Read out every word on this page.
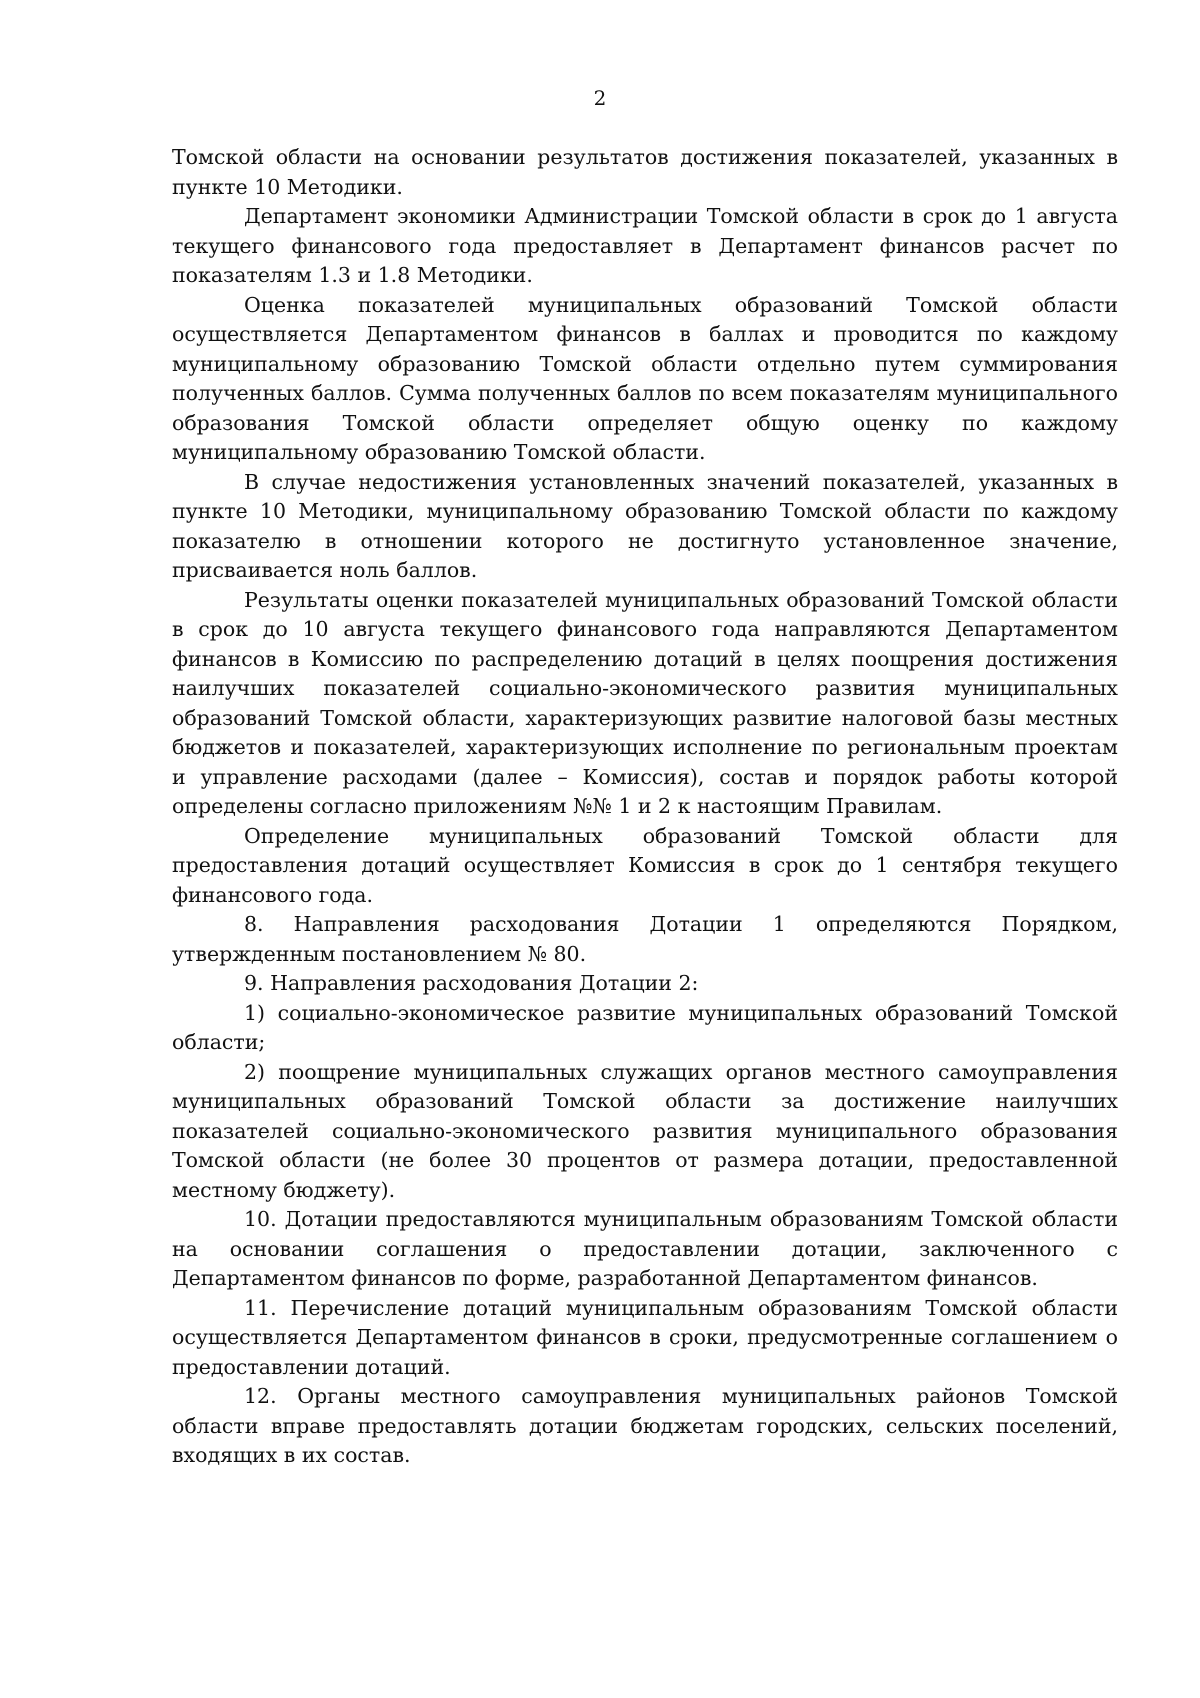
2

Томской области на основании результатов достижения показателей, указанных в пункте 10 Методики.

Департамент экономики Администрации Томской области в срок до 1 августа текущего финансового года предоставляет в Департамент финансов расчет по показателям 1.3 и 1.8 Методики.

Оценка показателей муниципальных образований Томской области осуществляется Департаментом финансов в баллах и проводится по каждому муниципальному образованию Томской области отдельно путем суммирования полученных баллов. Сумма полученных баллов по всем показателям муниципального образования Томской области определяет общую оценку по каждому муниципальному образованию Томской области.

В случае недостижения установленных значений показателей, указанных в пункте 10 Методики, муниципальному образованию Томской области по каждому показателю в отношении которого не достигнуто установленное значение, присваивается ноль баллов.

Результаты оценки показателей муниципальных образований Томской области в срок до 10 августа текущего финансового года направляются Департаментом финансов в Комиссию по распределению дотаций в целях поощрения достижения наилучших показателей социально-экономического развития муниципальных образований Томской области, характеризующих развитие налоговой базы местных бюджетов и показателей, характеризующих исполнение по региональным проектам и управление расходами (далее – Комиссия), состав и порядок работы которой определены согласно приложениям №№ 1 и 2 к настоящим Правилам.

Определение муниципальных образований Томской области для предоставления дотаций осуществляет Комиссия в срок до 1 сентября текущего финансового года.

8. Направления расходования Дотации 1 определяются Порядком, утвержденным постановлением № 80.

9. Направления расходования Дотации 2:

1) социально-экономическое развитие муниципальных образований Томской области;

2) поощрение муниципальных служащих органов местного самоуправления муниципальных образований Томской области за достижение наилучших показателей социально-экономического развития муниципального образования Томской области (не более 30 процентов от размера дотации, предоставленной местному бюджету).

10. Дотации предоставляются муниципальным образованиям Томской области на основании соглашения о предоставлении дотации, заключенного с Департаментом финансов по форме, разработанной Департаментом финансов.

11. Перечисление дотаций муниципальным образованиям Томской области осуществляется Департаментом финансов в сроки, предусмотренные соглашением о предоставлении дотаций.

12. Органы местного самоуправления муниципальных районов Томской области вправе предоставлять дотации бюджетам городских, сельских поселений, входящих в их состав.
